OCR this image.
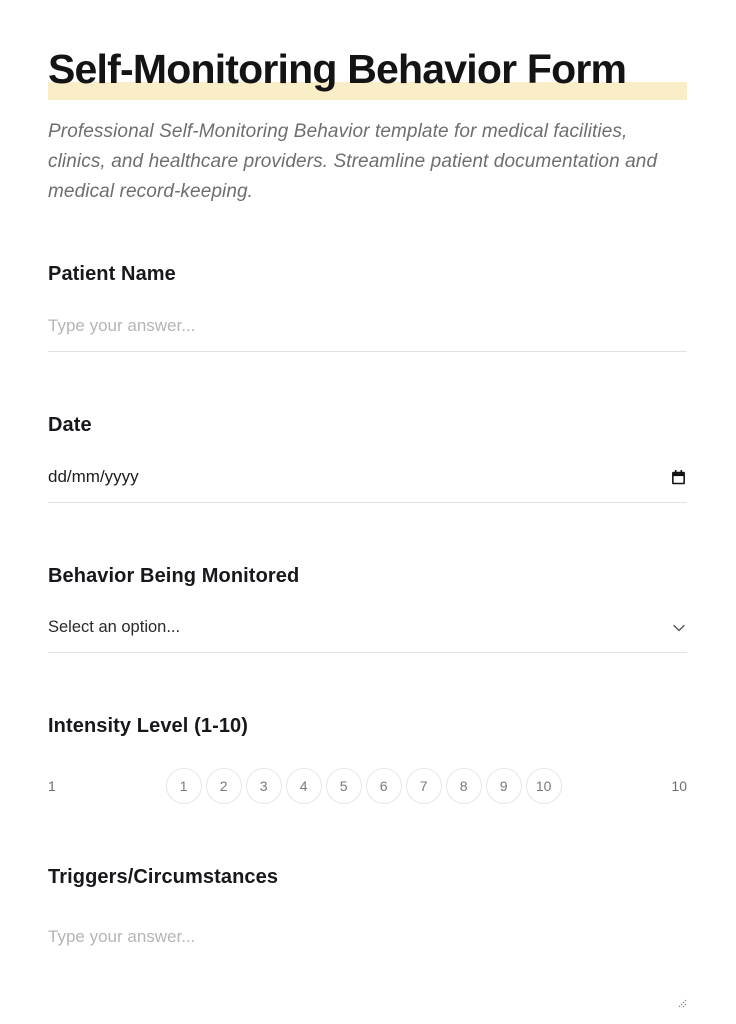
Self-Monitoring Behavior Form

Professional Self-Monitoring Behavior template for medical facilities, clinics, and healthcare providers. Streamline patient documentation and medical record-keeping.

Patient Name
Type your answer...
Date
dd/mm/yyyy
Behavior Being Monitored
Select an option...
Intensity Level (1-10)
1	1	2	3	4	5	6	7	8	9	10	10
Triggers/Circumstances
Type your answer...
